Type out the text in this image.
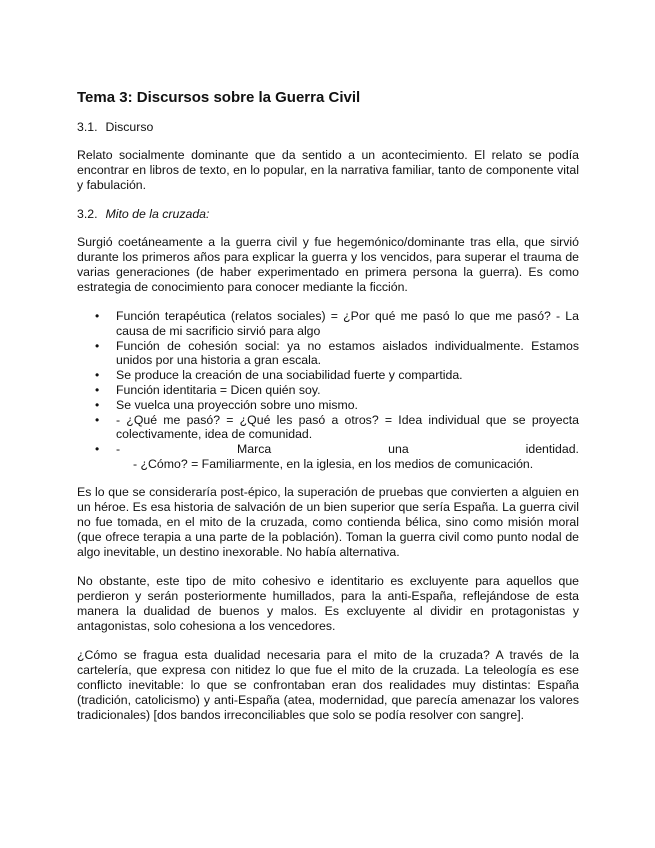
Tema 3: Discursos sobre la Guerra Civil
3.1. Discurso

Relato socialmente dominante que da sentido a un acontecimiento. El relato se podía encontrar en libros de texto, en lo popular, en la narrativa familiar, tanto de componente vital y fabulación.

3.2. Mito de la cruzada:

Surgió coetáneamente a la guerra civil y fue hegemónico/dominante tras ella, que sirvió durante los primeros años para explicar la guerra y los vencidos, para superar el trauma de varias generaciones (de haber experimentado en primera persona la guerra). Es como estrategia de conocimiento para conocer mediante la ficción.

• Función terapéutica (relatos sociales) = ¿Por qué me pasó lo que me pasó? - La causa de mi sacrificio sirvió para algo
• Función de cohesión social: ya no estamos aislados individualmente. Estamos unidos por una historia a gran escala.
• Se produce la creación de una sociabilidad fuerte y compartida.
• Función identitaria = Dicen quién soy.
• Se vuelca una proyección sobre uno mismo.
• - ¿Qué me pasó? = ¿Qué les pasó a otros? = Idea individual que se proyecta colectivamente, idea de comunidad.
• -	Marca	una	identidad.
- ¿Cómo? = Familiarmente, en la iglesia, en los medios de comunicación.

Es lo que se consideraría post-épico, la superación de pruebas que convierten a alguien en un héroe. Es esa historia de salvación de un bien superior que sería España. La guerra civil no fue tomada, en el mito de la cruzada, como contienda bélica, sino como misión moral (que ofrece terapia a una parte de la población). Toman la guerra civil como punto nodal de algo inevitable, un destino inexorable. No había alternativa.

No obstante, este tipo de mito cohesivo e identitario es excluyente para aquellos que perdieron y serán posteriormente humillados, para la anti-España, reflejándose de esta manera la dualidad de buenos y malos. Es excluyente al dividir en protagonistas y antagonistas, solo cohesiona a los vencedores.

¿Cómo se fragua esta dualidad necesaria para el mito de la cruzada? A través de la cartelería, que expresa con nitidez lo que fue el mito de la cruzada. La teleología es ese conflicto inevitable: lo que se confrontaban eran dos realidades muy distintas: España (tradición, catolicismo) y anti-España (atea, modernidad, que parecía amenazar los valores tradicionales) [dos bandos irreconciliables que solo se podía resolver con sangre].
